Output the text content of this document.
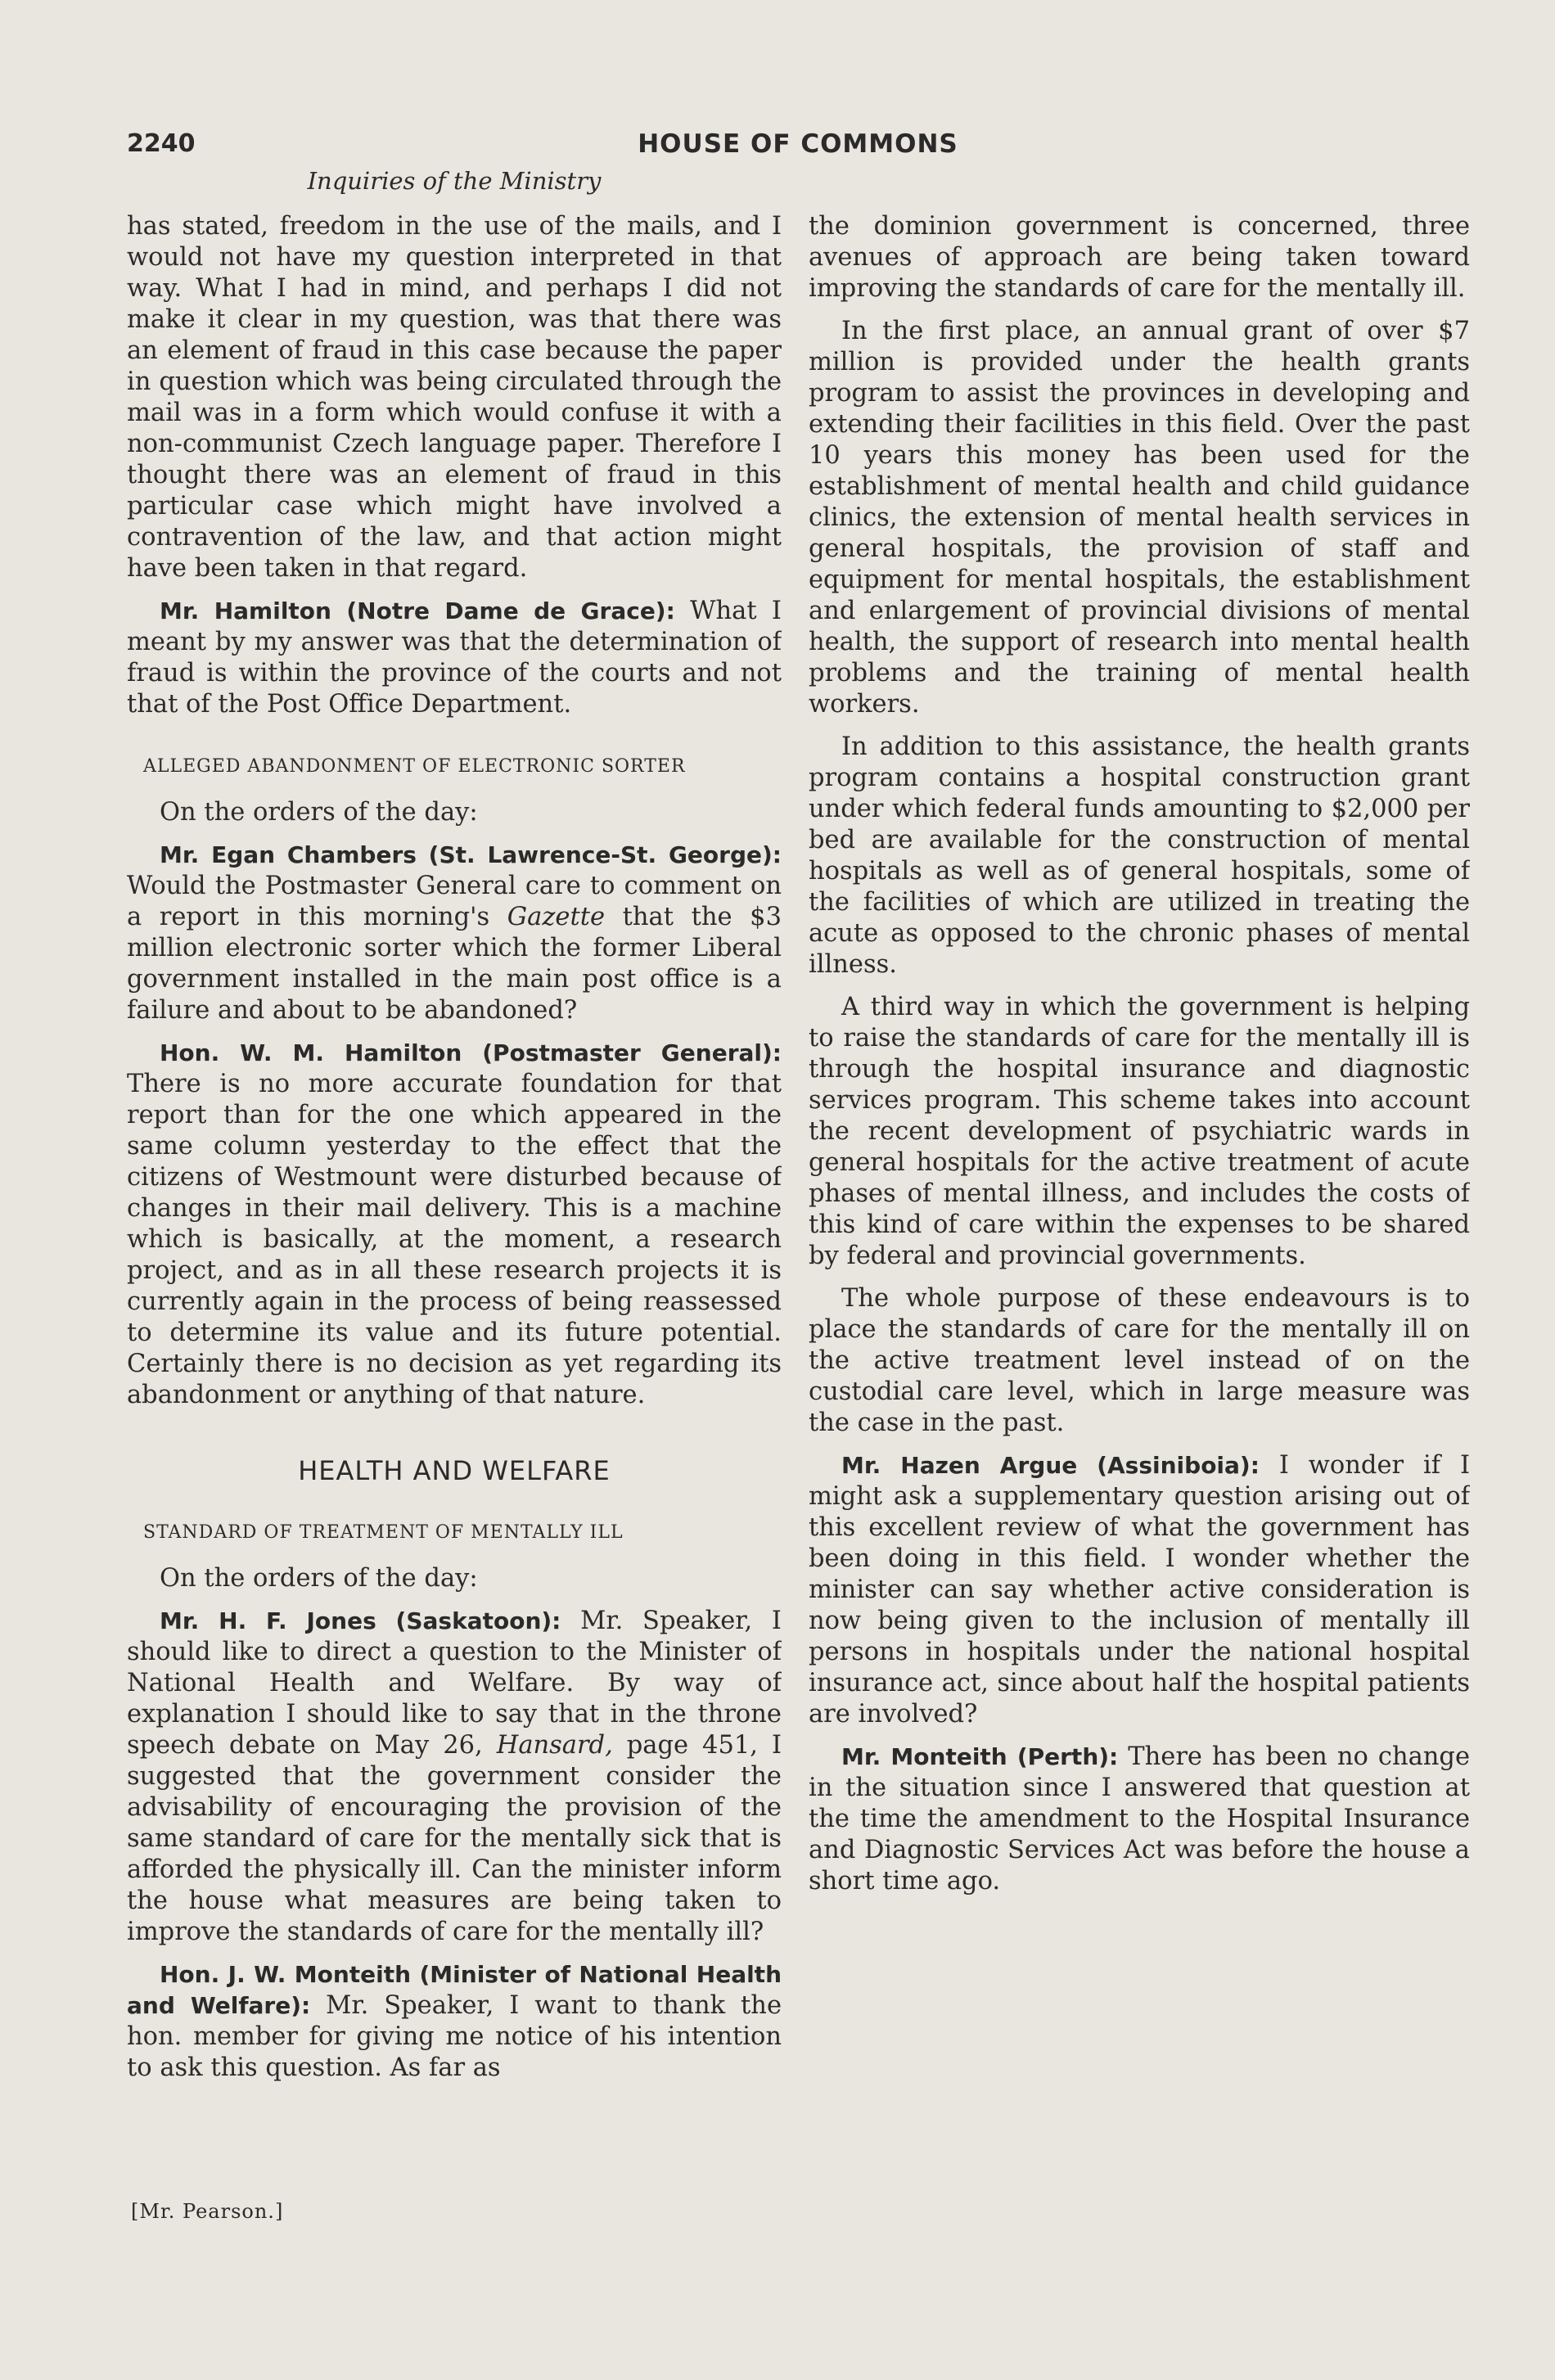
2240	HOUSE OF COMMONS
Inquiries of the Ministry

has stated, freedom in the use of the mails, and I would not have my question interpreted in that way. What I had in mind, and perhaps I did not make it clear in my question, was that there was an element of fraud in this case because the paper in question which was being circulated through the mail was in a form which would confuse it with a non-communist Czech language paper. Therefore I thought there was an element of fraud in this particular case which might have involved a contravention of the law, and that action might have been taken in that regard.

Mr. Hamilton (Notre Dame de Grace): What I meant by my answer was that the determination of fraud is within the province of the courts and not that of the Post Office Department.

ALLEGED ABANDONMENT OF ELECTRONIC SORTER

On the orders of the day:

Mr. Egan Chambers (St. Lawrence-St. George): Would the Postmaster General care to comment on a report in this morning's Gazette that the $3 million electronic sorter which the former Liberal government installed in the main post office is a failure and about to be abandoned?

Hon. W. M. Hamilton (Postmaster General): There is no more accurate foundation for that report than for the one which appeared in the same column yesterday to the effect that the citizens of Westmount were disturbed because of changes in their mail delivery. This is a machine which is basically, at the moment, a research project, and as in all these research projects it is currently again in the process of being reassessed to determine its value and its future potential. Certainly there is no decision as yet regarding its abandonment or anything of that nature.

HEALTH AND WELFARE
STANDARD OF TREATMENT OF MENTALLY ILL

On the orders of the day:

Mr. H. F. Jones (Saskatoon): Mr. Speaker, I should like to direct a question to the Minister of National Health and Welfare. By way of explanation I should like to say that in the throne speech debate on May 26, Hansard, page 451, I suggested that the government consider the advisability of encouraging the provision of the same standard of care for the mentally sick that is afforded the physically ill. Can the minister inform the house what measures are being taken to improve the standards of care for the mentally ill?

Hon. J. W. Monteith (Minister of National Health and Welfare): Mr. Speaker, I want to thank the hon. member for giving me notice of his intention to ask this question. As far as

the dominion government is concerned, three avenues of approach are being taken toward improving the standards of care for the mentally ill.

In the first place, an annual grant of over $7 million is provided under the health grants program to assist the provinces in developing and extending their facilities in this field. Over the past 10 years this money has been used for the establishment of mental health and child guidance clinics, the extension of mental health services in general hospitals, the provision of staff and equipment for mental hospitals, the establishment and enlargement of provincial divisions of mental health, the support of research into mental health problems and the training of mental health workers.

In addition to this assistance, the health grants program contains a hospital construction grant under which federal funds amounting to $2,000 per bed are available for the construction of mental hospitals as well as of general hospitals, some of the facilities of which are utilized in treating the acute as opposed to the chronic phases of mental illness.

A third way in which the government is helping to raise the standards of care for the mentally ill is through the hospital insurance and diagnostic services program. This scheme takes into account the recent development of psychiatric wards in general hospitals for the active treatment of acute phases of mental illness, and includes the costs of this kind of care within the expenses to be shared by federal and provincial governments.

The whole purpose of these endeavours is to place the standards of care for the mentally ill on the active treatment level instead of on the custodial care level, which in large measure was the case in the past.

Mr. Hazen Argue (Assiniboia): I wonder if I might ask a supplementary question arising out of this excellent review of what the government has been doing in this field. I wonder whether the minister can say whether active consideration is now being given to the inclusion of mentally ill persons in hospitals under the national hospital insurance act, since about half the hospital patients are involved?

Mr. Monteith (Perth): There has been no change in the situation since I answered that question at the time the amendment to the Hospital Insurance and Diagnostic Services Act was before the house a short time ago.

[Mr. Pearson.]
